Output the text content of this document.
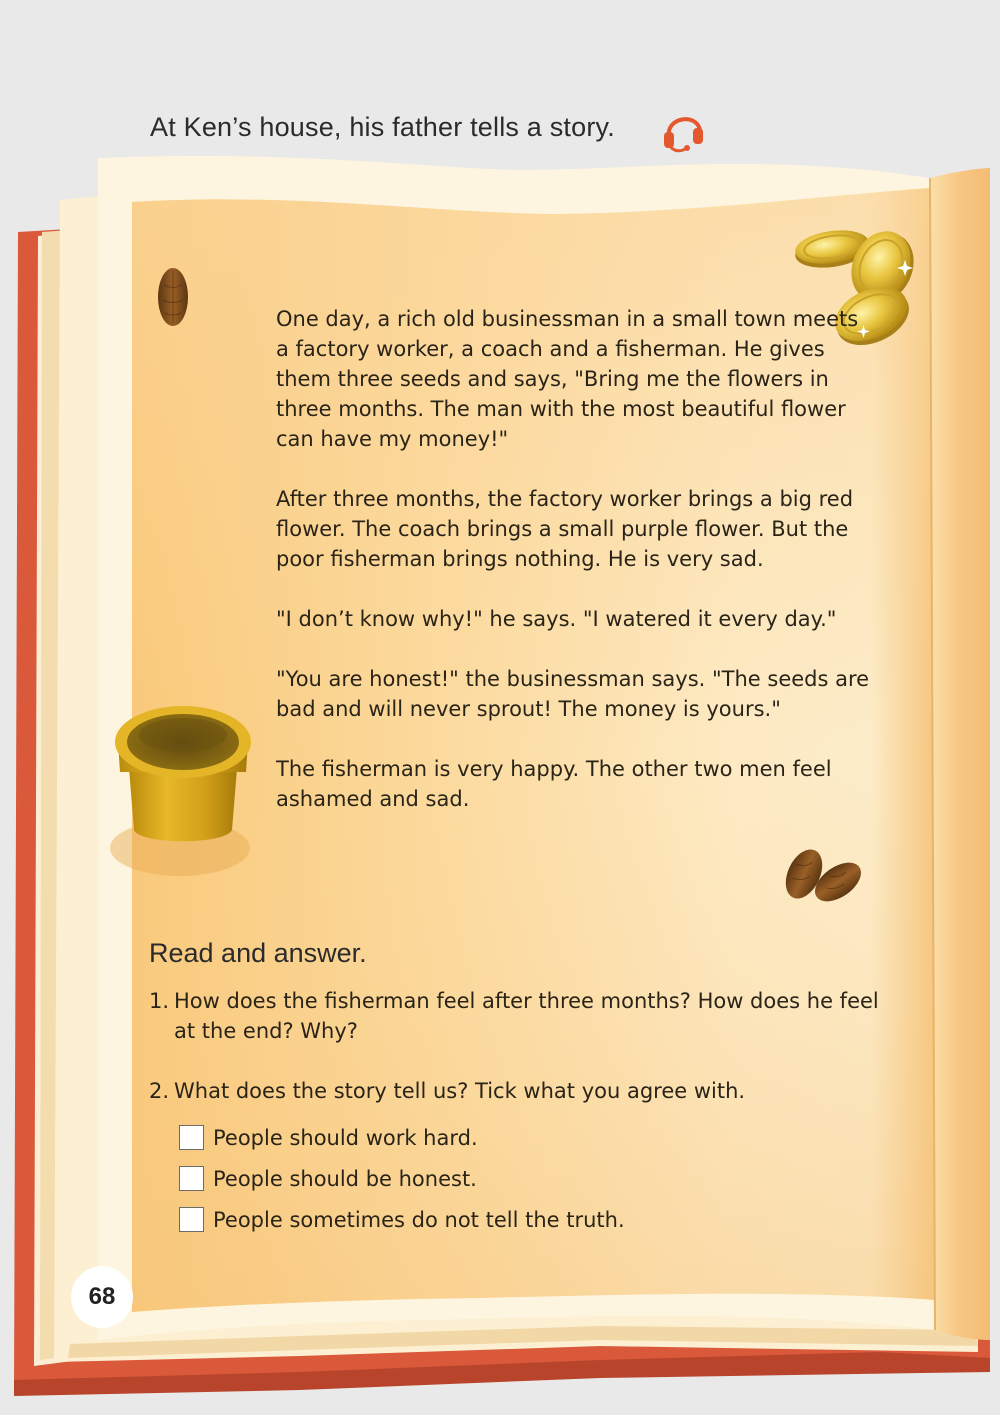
At Ken’s house, his father tells a story.

One day, a rich old businessman in a small town meets a factory worker, a coach and a fisherman. He gives them three seeds and says, "Bring me the flowers in three months. The man with the most beautiful flower can have my money!"

After three months, the factory worker brings a big red flower. The coach brings a small purple flower. But the poor fisherman brings nothing. He is very sad.

"I don’t know why!" he says. "I watered it every day."

"You are honest!" the businessman says. "The seeds are bad and will never sprout! The money is yours."

The fisherman is very happy. The other two men feel ashamed and sad.

Read and answer.
1. How does the fisherman feel after three months? How does he feel at the end? Why?
2. What does the story tell us? Tick what you agree with.
People should work hard.
People should be honest.
People sometimes do not tell the truth.
68
